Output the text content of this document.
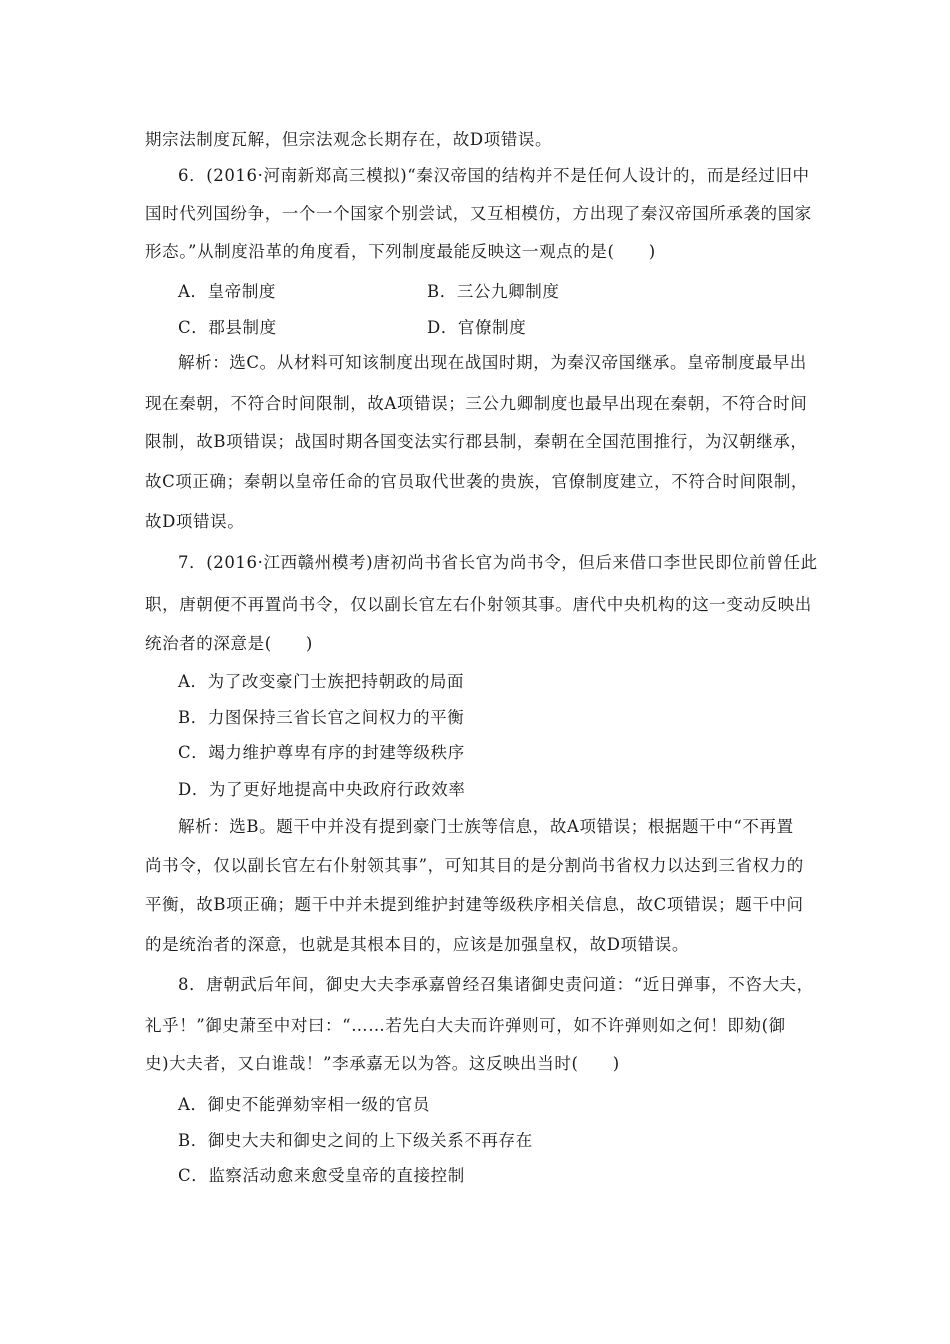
期宗法制度瓦解，但宗法观念长期存在，故D项错误。
6．(2016·河南新郑高三模拟)“秦汉帝国的结构并不是任何人设计的，而是经过旧中
国时代列国纷争，一个一个国家个别尝试，又互相模仿，方出现了秦汉帝国所承袭的国家
形态。”从制度沿革的角度看，下列制度最能反映这一观点的是(　　)
A．皇帝制度	B．三公九卿制度
C．郡县制度	D．官僚制度
解析：选C。从材料可知该制度出现在战国时期，为秦汉帝国继承。皇帝制度最早出
现在秦朝，不符合时间限制，故A项错误；三公九卿制度也最早出现在秦朝，不符合时间
限制，故B项错误；战国时期各国变法实行郡县制，秦朝在全国范围推行，为汉朝继承，
故C项正确；秦朝以皇帝任命的官员取代世袭的贵族，官僚制度建立，不符合时间限制，
故D项错误。
7．(2016·江西赣州模考)唐初尚书省长官为尚书令，但后来借口李世民即位前曾任此
职，唐朝便不再置尚书令，仅以副长官左右仆射领其事。唐代中央机构的这一变动反映出
统治者的深意是(　　)
A．为了改变豪门士族把持朝政的局面
B．力图保持三省长官之间权力的平衡
C．竭力维护尊卑有序的封建等级秩序
D．为了更好地提高中央政府行政效率
解析：选B。题干中并没有提到豪门士族等信息，故A项错误；根据题干中“不再置
尚书令，仅以副长官左右仆射领其事”，可知其目的是分割尚书省权力以达到三省权力的
平衡，故B项正确；题干中并未提到维护封建等级秩序相关信息，故C项错误；题干中问
的是统治者的深意，也就是其根本目的，应该是加强皇权，故D项错误。
8．唐朝武后年间，御史大夫李承嘉曾经召集诸御史责问道：“近日弹事，不咨大夫，
礼乎！”御史萧至中对曰：“……若先白大夫而许弹则可，如不许弹则如之何！即劾(御
史)大夫者，又白谁哉！”李承嘉无以为答。这反映出当时(　　)
A．御史不能弹劾宰相一级的官员
B．御史大夫和御史之间的上下级关系不再存在
C．监察活动愈来愈受皇帝的直接控制
